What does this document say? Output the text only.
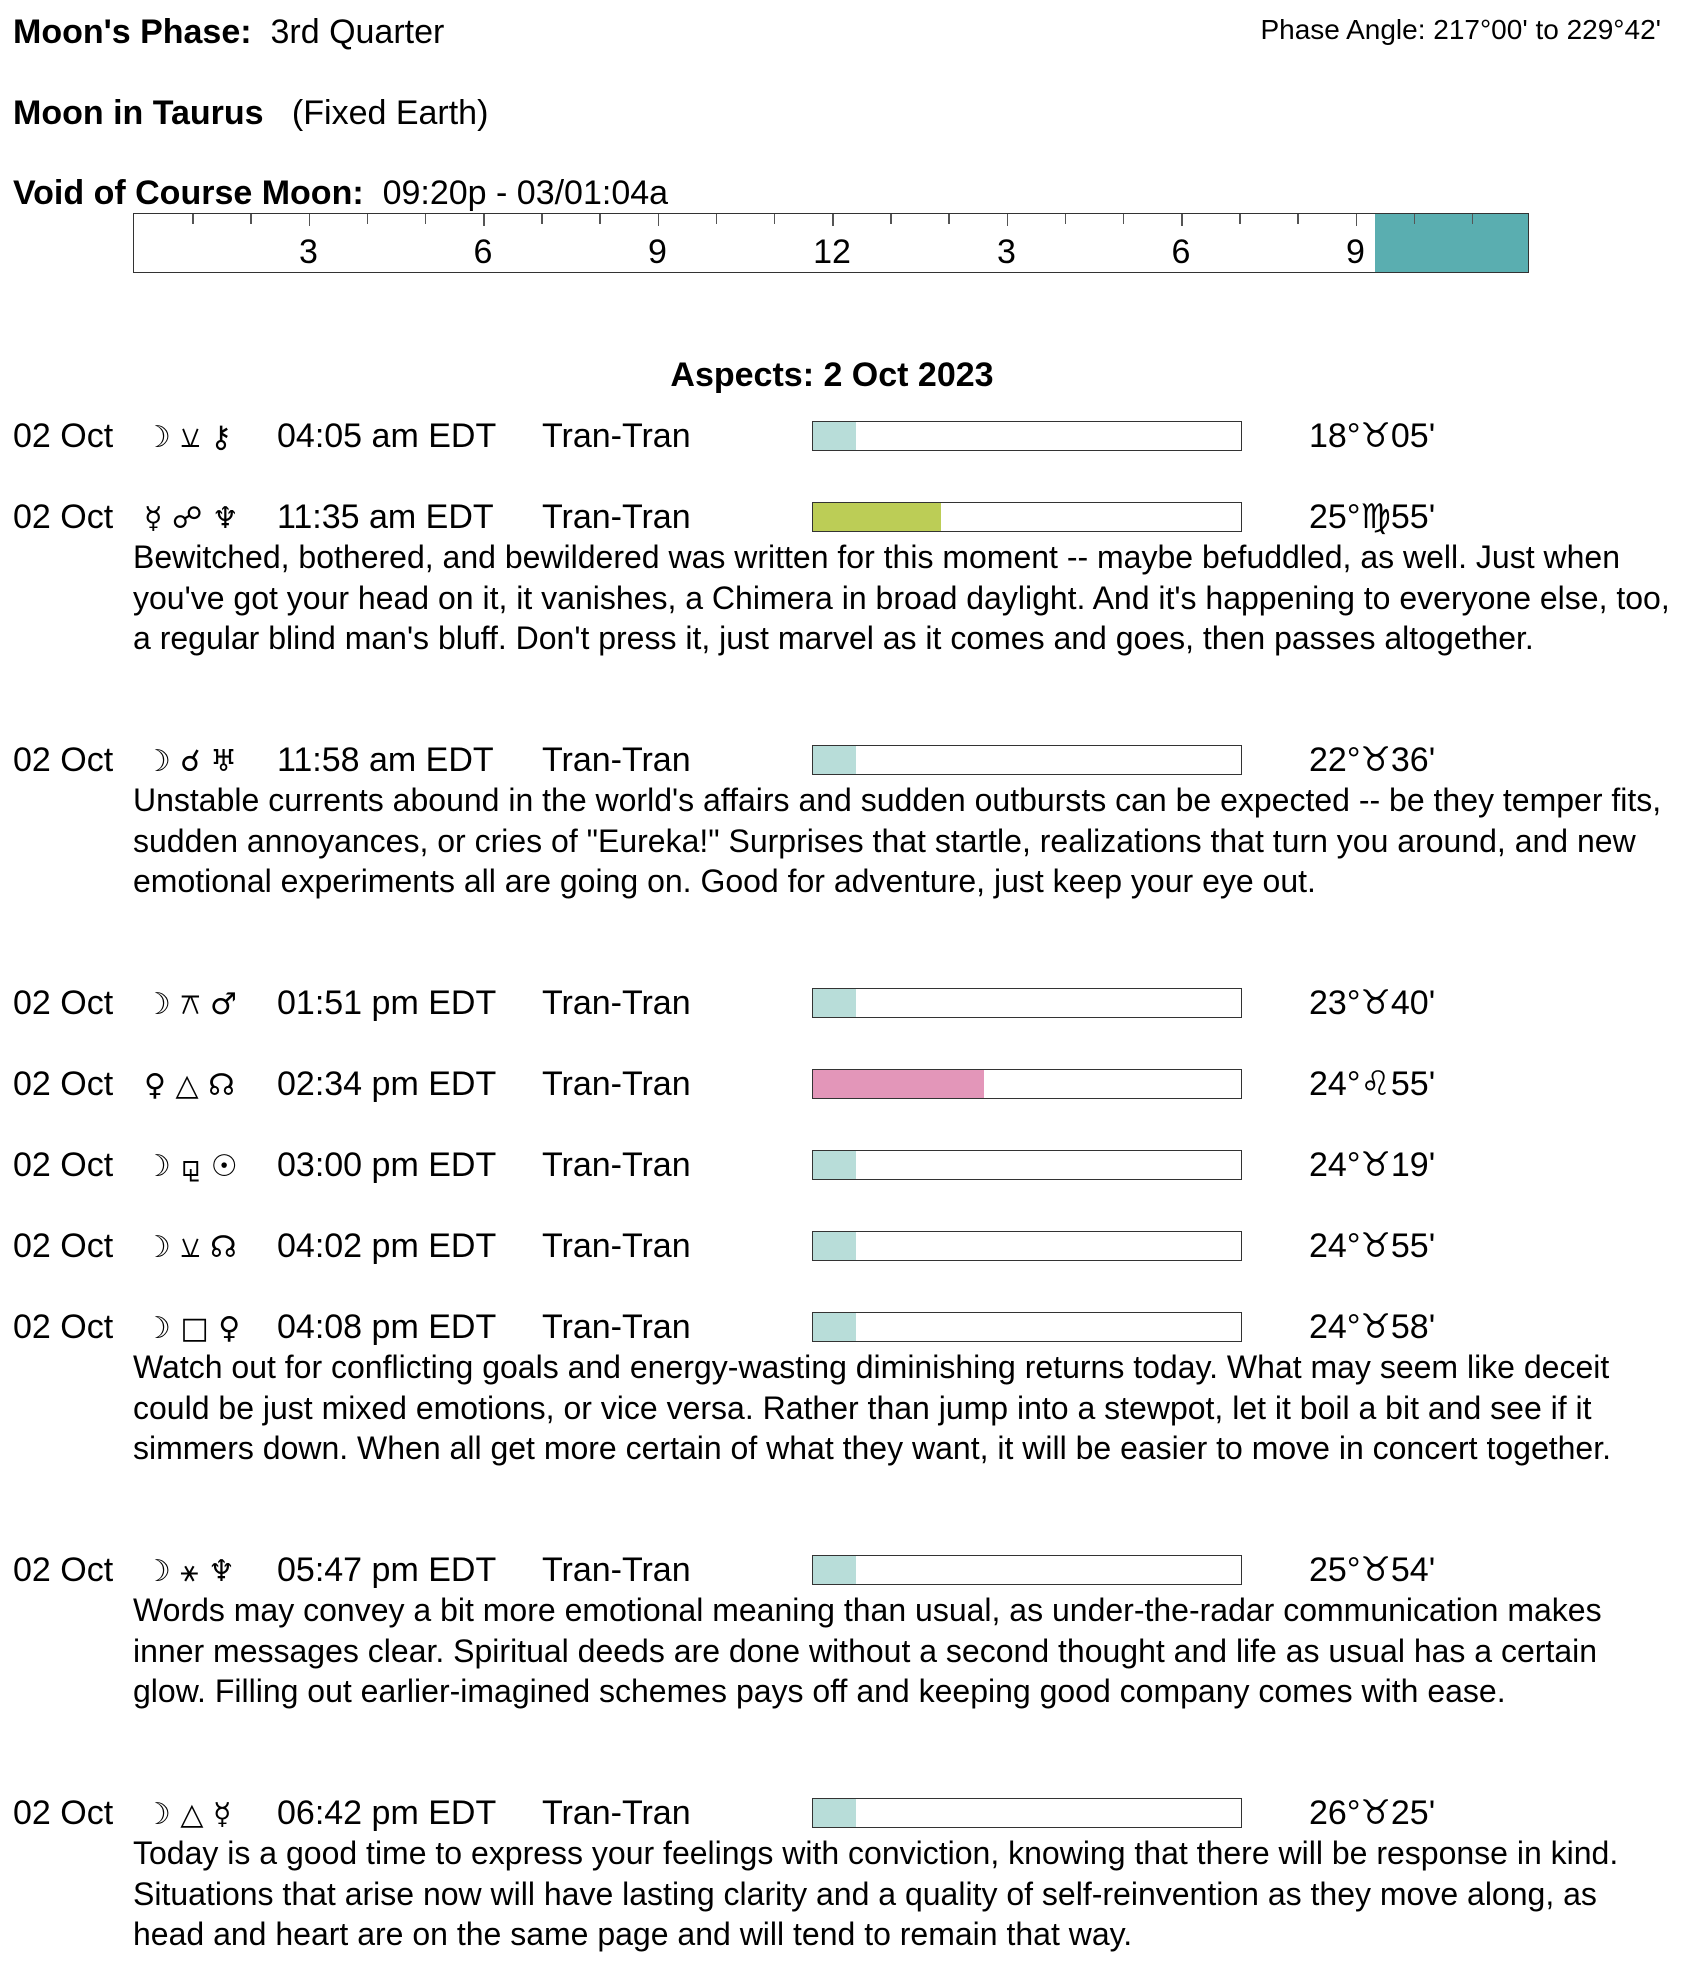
Moon's Phase: 3rd Quarter	Phase Angle: 217°00' to 229°42'
Moon in Taurus (Fixed Earth)
Void of Course Moon: 09:20p - 03/01:04a
3	6	9	12	3	6	9
Aspects: 2 Oct 2023
02 Oct ☽ ⚺ ⚷ 04:05 am EDT Tran-Tran	18°♉05'
02 Oct ☿ ☍ ♆ 11:35 am EDT Tran-Tran	25°♍55'
Bewitched, bothered, and bewildered was written for this moment -- maybe befuddled, as well. Just when you've got your head on it, it vanishes, a Chimera in broad daylight. And it's happening to everyone else, too, a regular blind man's bluff. Don't press it, just marvel as it comes and goes, then passes altogether.
02 Oct ☽ ☌ ♅ 11:58 am EDT Tran-Tran	22°♉36'
Unstable currents abound in the world's affairs and sudden outbursts can be expected -- be they temper fits, sudden annoyances, or cries of "Eureka!" Surprises that startle, realizations that turn you around, and new emotional experiments all are going on. Good for adventure, just keep your eye out.
02 Oct ☽ ⚻ ♂ 01:51 pm EDT Tran-Tran	23°♉40'
02 Oct ♀ △ ☊ 02:34 pm EDT Tran-Tran	24°♌55'
02 Oct ☽ ⚼ ☉ 03:00 pm EDT Tran-Tran	24°♉19'
02 Oct ☽ ⚺ ☊ 04:02 pm EDT Tran-Tran	24°♉55'
02 Oct ☽ □ ♀ 04:08 pm EDT Tran-Tran	24°♉58'
Watch out for conflicting goals and energy-wasting diminishing returns today. What may seem like deceit could be just mixed emotions, or vice versa. Rather than jump into a stewpot, let it boil a bit and see if it simmers down. When all get more certain of what they want, it will be easier to move in concert together.
02 Oct ☽ ⚹ ♆ 05:47 pm EDT Tran-Tran	25°♉54'
Words may convey a bit more emotional meaning than usual, as under-the-radar communication makes inner messages clear. Spiritual deeds are done without a second thought and life as usual has a certain glow. Filling out earlier-imagined schemes pays off and keeping good company comes with ease.
02 Oct ☽ △ ☿ 06:42 pm EDT Tran-Tran	26°♉25'
Today is a good time to express your feelings with conviction, knowing that there will be response in kind. Situations that arise now will have lasting clarity and a quality of self-reinvention as they move along, as head and heart are on the same page and will tend to remain that way.
